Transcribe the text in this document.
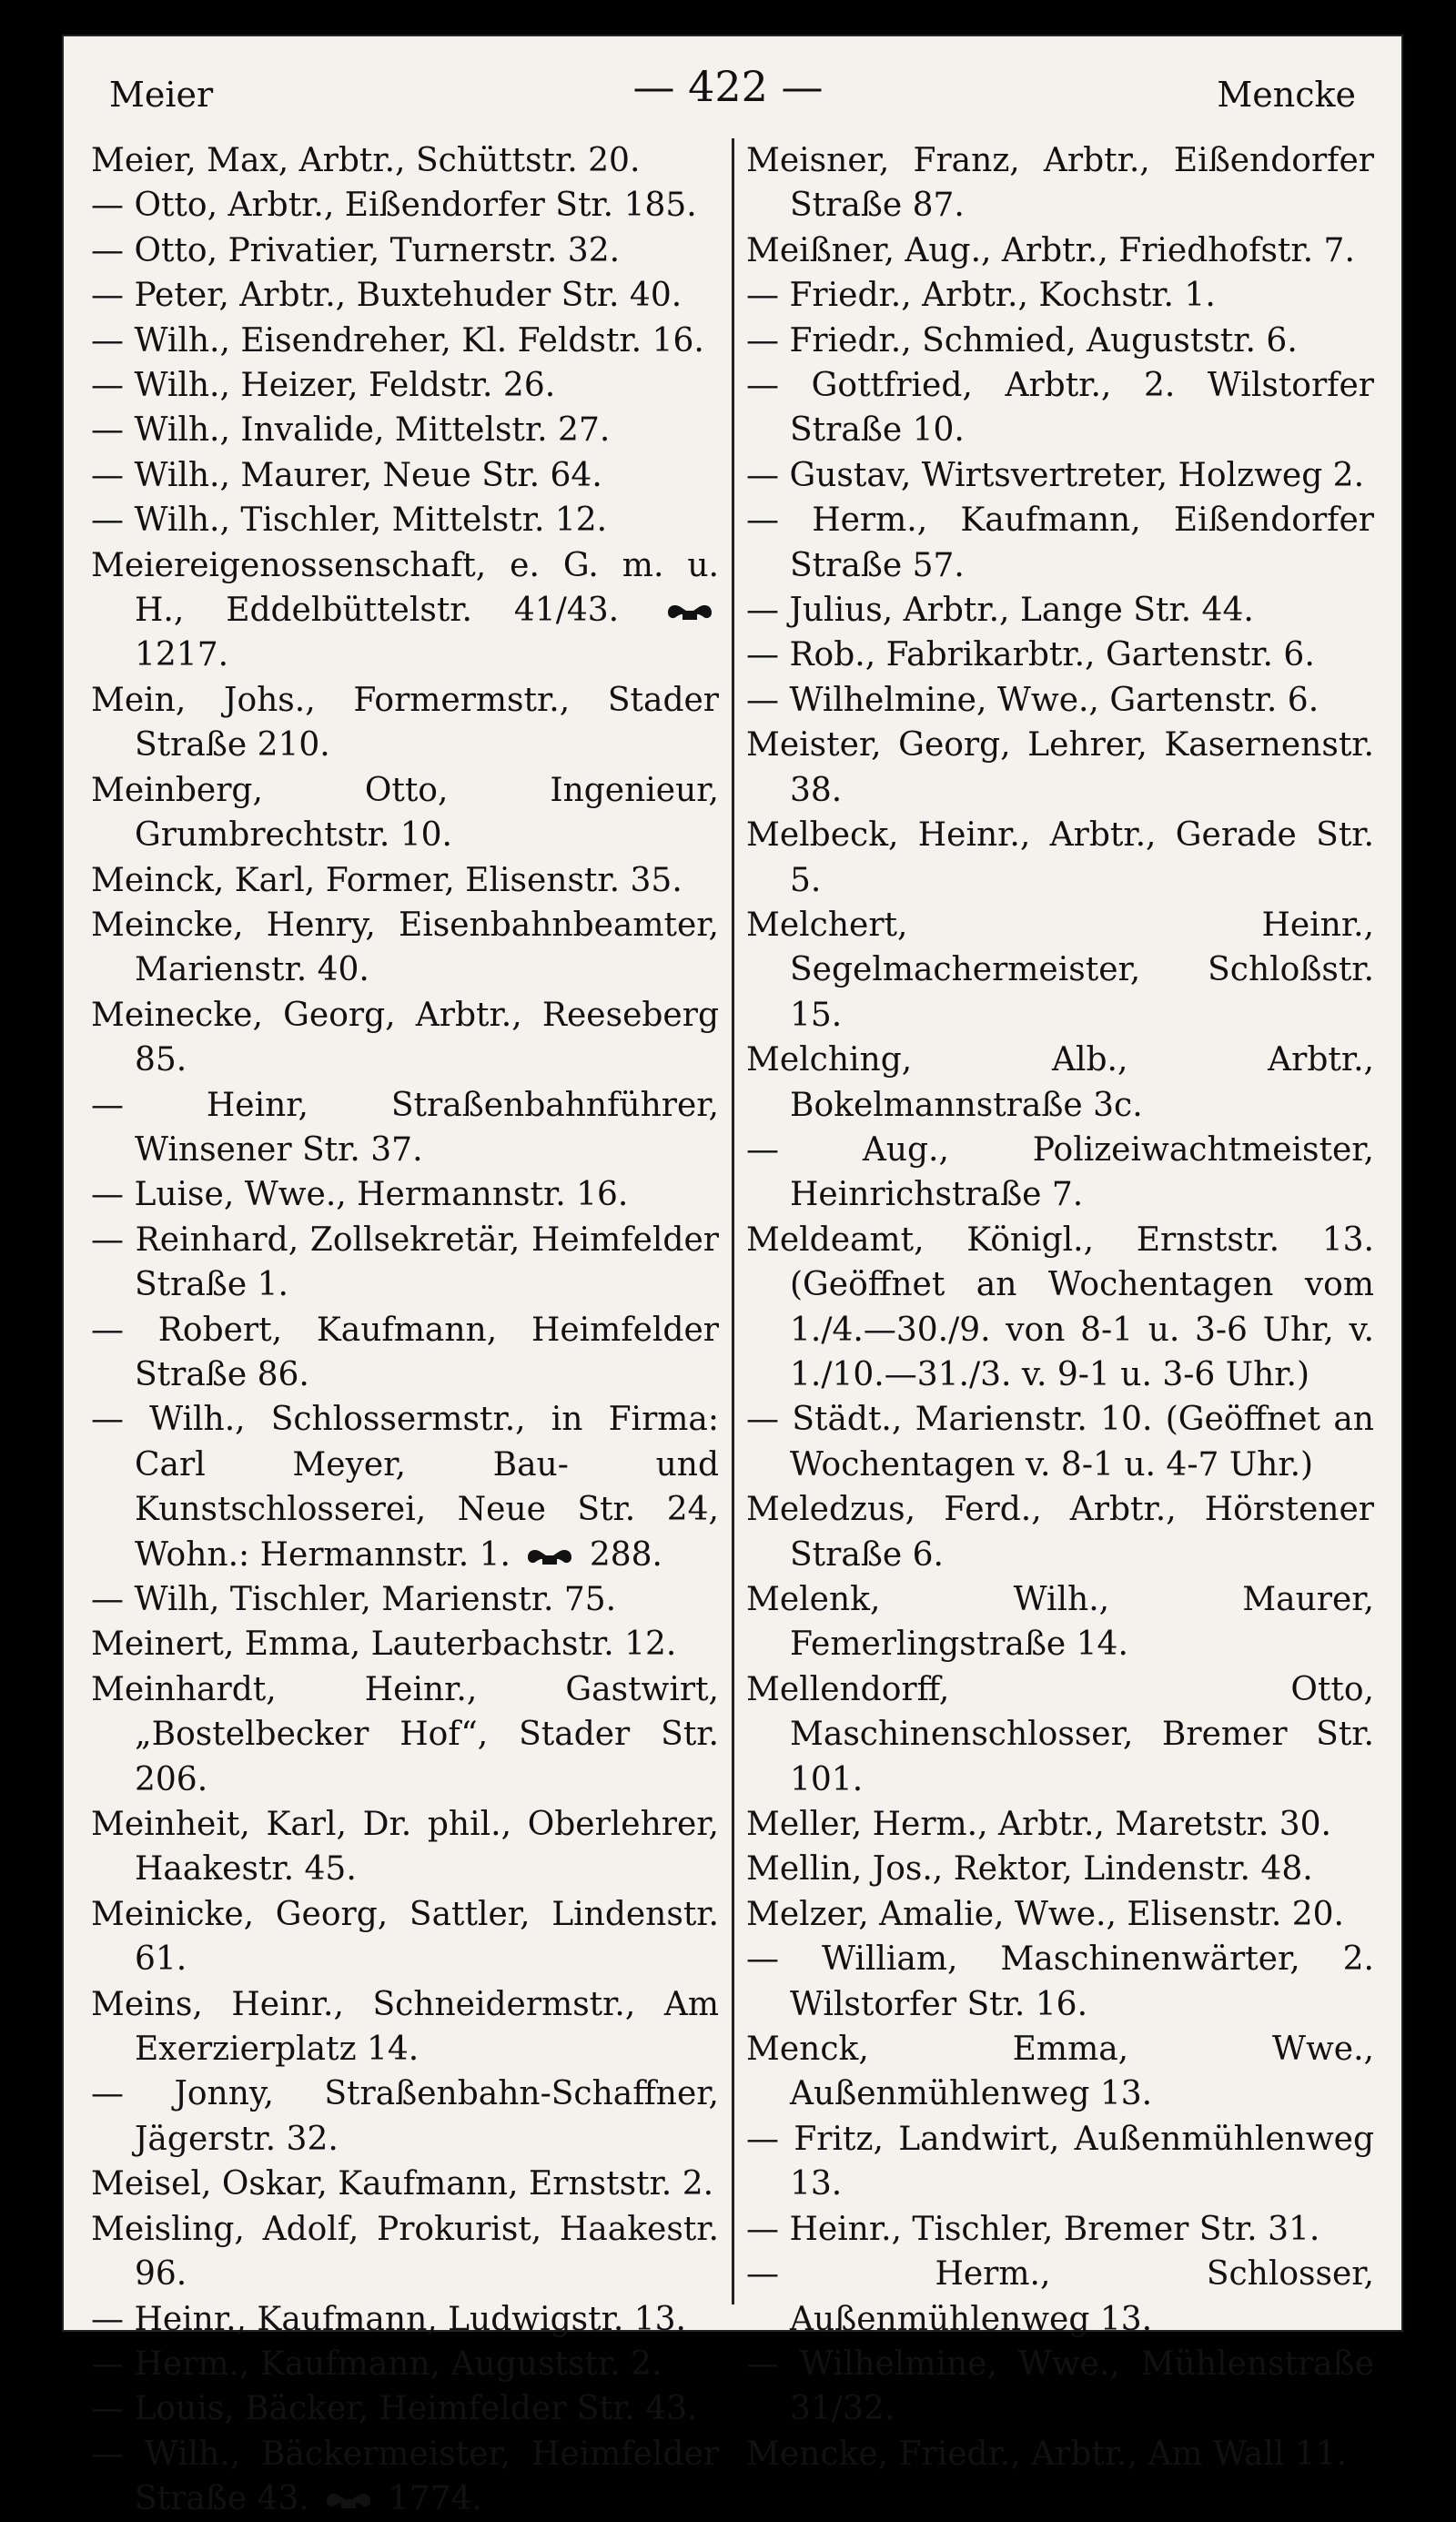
Meier	— 422 —	Mencke
Meier, Max, Arbtr., Schüttstr. 20.
— Otto, Arbtr., Eißendorfer Str. 185.
— Otto, Privatier, Turnerstr. 32.
— Peter, Arbtr., Buxtehuder Str. 40.
— Wilh., Eisendreher, Kl. Feldstr. 16.
— Wilh., Heizer, Feldstr. 26.
— Wilh., Invalide, Mittelstr. 27.
— Wilh., Maurer, Neue Str. 64.
— Wilh., Tischler, Mittelstr. 12.
Meiereigenossenschaft, e. G. m. u. H., Eddelbüttelstr. 41/43.
1217.
Mein, Johs., Formermstr., Stader Straße 210.
Meinberg, Otto, Ingenieur, Grumbrechtstr. 10.
Meinck, Karl, Former, Elisenstr. 35.
Meincke, Henry, Eisenbahnbeamter, Marienstr. 40.
Meinecke, Georg, Arbtr., Reeseberg 85.
— Heinr, Straßenbahnführer, Winsener Str. 37.
— Luise, Wwe., Hermannstr. 16.
— Reinhard, Zollsekretär, Heimfelder Straße 1.
— Robert, Kaufmann, Heimfelder Straße 86.
— Wilh., Schlossermstr., in Firma: Carl Meyer, Bau- und Kunstschlosserei, Neue Str. 24, Wohn.: Hermannstr. 1.
288.
— Wilh, Tischler, Marienstr. 75.
Meinert, Emma, Lauterbachstr. 12.
Meinhardt, Heinr., Gastwirt, „Bostelbecker Hof“, Stader Str. 206.
Meinheit, Karl, Dr. phil., Oberlehrer, Haakestr. 45.
Meinicke, Georg, Sattler, Lindenstr. 61.
Meins, Heinr., Schneidermstr., Am Exerzierplatz 14.
— Jonny, Straßenbahn-Schaffner, Jägerstr. 32.
Meisel, Oskar, Kaufmann, Ernststr. 2.
Meisling, Adolf, Prokurist, Haakestr. 96.
— Heinr., Kaufmann, Ludwigstr. 13.
— Herm., Kaufmann, Auguststr. 2.
— Louis, Bäcker, Heimfelder Str. 43.
— Wilh., Bäckermeister, Heimfelder Straße 43.
1774.
Meisner, Franz, Arbtr., Eißendorfer Straße 87.
Meißner, Aug., Arbtr., Friedhofstr. 7.
— Friedr., Arbtr., Kochstr. 1.
— Friedr., Schmied, Auguststr. 6.
— Gottfried, Arbtr., 2. Wilstorfer Straße 10.
— Gustav, Wirtsvertreter, Holzweg 2.
— Herm., Kaufmann, Eißendorfer Straße 57.
— Julius, Arbtr., Lange Str. 44.
— Rob., Fabrikarbtr., Gartenstr. 6.
— Wilhelmine, Wwe., Gartenstr. 6.
Meister, Georg, Lehrer, Kasernenstr. 38.
Melbeck, Heinr., Arbtr., Gerade Str. 5.
Melchert, Heinr., Segelmachermeister, Schloßstr. 15.
Melching, Alb., Arbtr., Bokelmannstraße 3c.
— Aug., Polizeiwachtmeister, Heinrichstraße 7.
Meldeamt, Königl., Ernststr. 13. (Geöffnet an Wochentagen vom 1./4.—30./9. von 8-1 u. 3-6 Uhr, v. 1./10.—31./3. v. 9-1 u. 3-6 Uhr.)
— Städt., Marienstr. 10. (Geöffnet an Wochentagen v. 8-1 u. 4-7 Uhr.)
Meledzus, Ferd., Arbtr., Hörstener Straße 6.
Melenk, Wilh., Maurer, Femerlingstraße 14.
Mellendorff, Otto, Maschinenschlosser, Bremer Str. 101.
Meller, Herm., Arbtr., Maretstr. 30.
Mellin, Jos., Rektor, Lindenstr. 48.
Melzer, Amalie, Wwe., Elisenstr. 20.
— William, Maschinenwärter, 2. Wilstorfer Str. 16.
Menck, Emma, Wwe., Außenmühlenweg 13.
— Fritz, Landwirt, Außenmühlenweg 13.
— Heinr., Tischler, Bremer Str. 31.
— Herm., Schlosser, Außenmühlenweg 13.
— Wilhelmine, Wwe., Mühlenstraße 31/32.
Mencke, Friedr., Arbtr., Am Wall 11.
